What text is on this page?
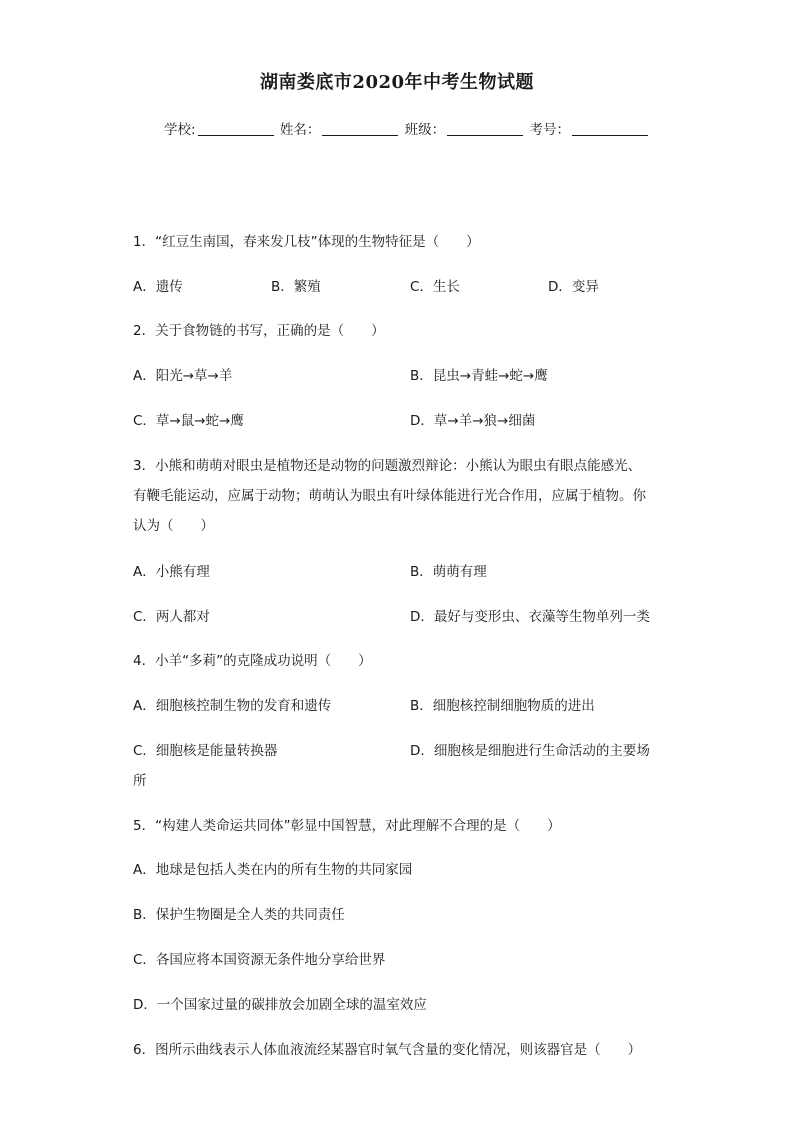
湖南娄底市2020年中考生物试题
学校:	姓名：	班级：	考号：
1．“红豆生南国，春来发几枝”体现的生物特征是（　　）
A．遗传	B．繁殖	C．生长	D．变异
2．关于食物链的书写，正确的是（　　）
A．阳光→草→羊	B．昆虫→青蛙→蛇→鹰
C．草→鼠→蛇→鹰	D．草→羊→狼→细菌
3．小熊和萌萌对眼虫是植物还是动物的问题激烈辩论：小熊认为眼虫有眼点能感光、
有鞭毛能运动，应属于动物；萌萌认为眼虫有叶绿体能进行光合作用，应属于植物。你
认为（　　）
A．小熊有理	B．萌萌有理
C．两人都对	D．最好与变形虫、衣藻等生物单列一类
4．小羊“多莉”的克隆成功说明（　　）
A．细胞核控制生物的发育和遗传	B．细胞核控制细胞物质的进出
C．细胞核是能量转换器	D．细胞核是细胞进行生命活动的主要场
所
5．“构建人类命运共同体”彰显中国智慧，对此理解不合理的是（　　）
A．地球是包括人类在内的所有生物的共同家园
B．保护生物圈是全人类的共同责任
C．各国应将本国资源无条件地分享给世界
D．一个国家过量的碳排放会加剧全球的温室效应
6．图所示曲线表示人体血液流经某器官时氧气含量的变化情况，则该器官是（　　）
